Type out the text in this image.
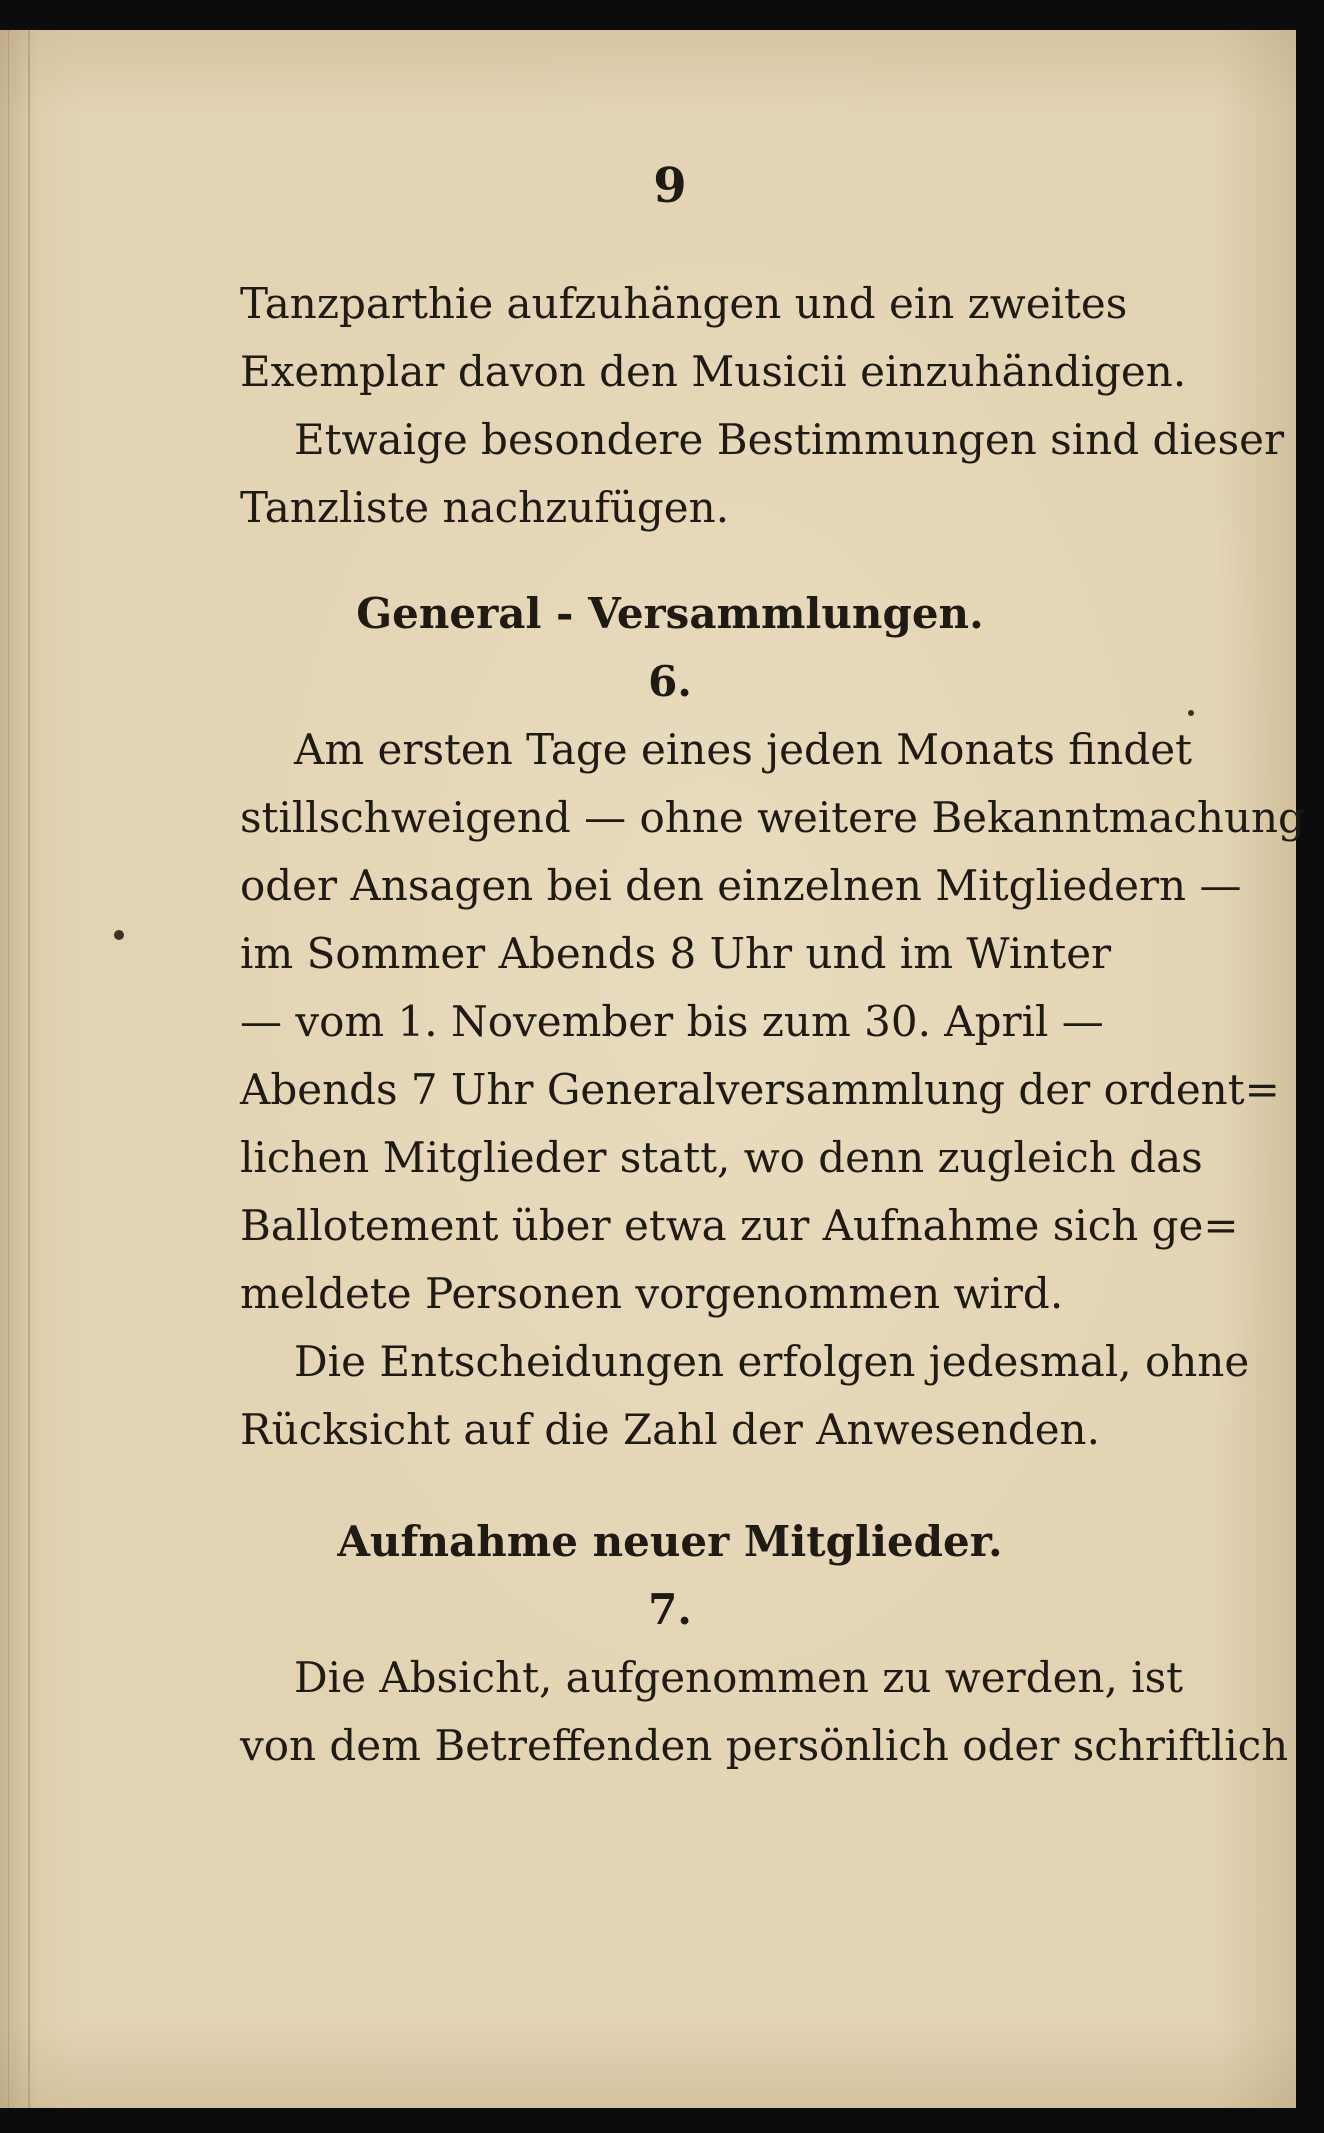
9
Tanzparthie aufzuhängen und ein zweites
Exemplar davon den Musicii einzuhändigen.
Etwaige besondere Bestimmungen sind dieser
Tanzliste nachzufügen.
General - Versammlungen.
6.
Am ersten Tage eines jeden Monats findet
stillschweigend — ohne weitere Bekanntmachung
oder Ansagen bei den einzelnen Mitgliedern —
im Sommer Abends 8 Uhr und im Winter
— vom 1. November bis zum 30. April —
Abends 7 Uhr Generalversammlung der ordent=
lichen Mitglieder statt, wo denn zugleich das
Ballotement über etwa zur Aufnahme sich ge=
meldete Personen vorgenommen wird.
Die Entscheidungen erfolgen jedesmal, ohne
Rücksicht auf die Zahl der Anwesenden.
Aufnahme neuer Mitglieder.
7.
Die Absicht, aufgenommen zu werden, ist
von dem Betreffenden persönlich oder schriftlich
